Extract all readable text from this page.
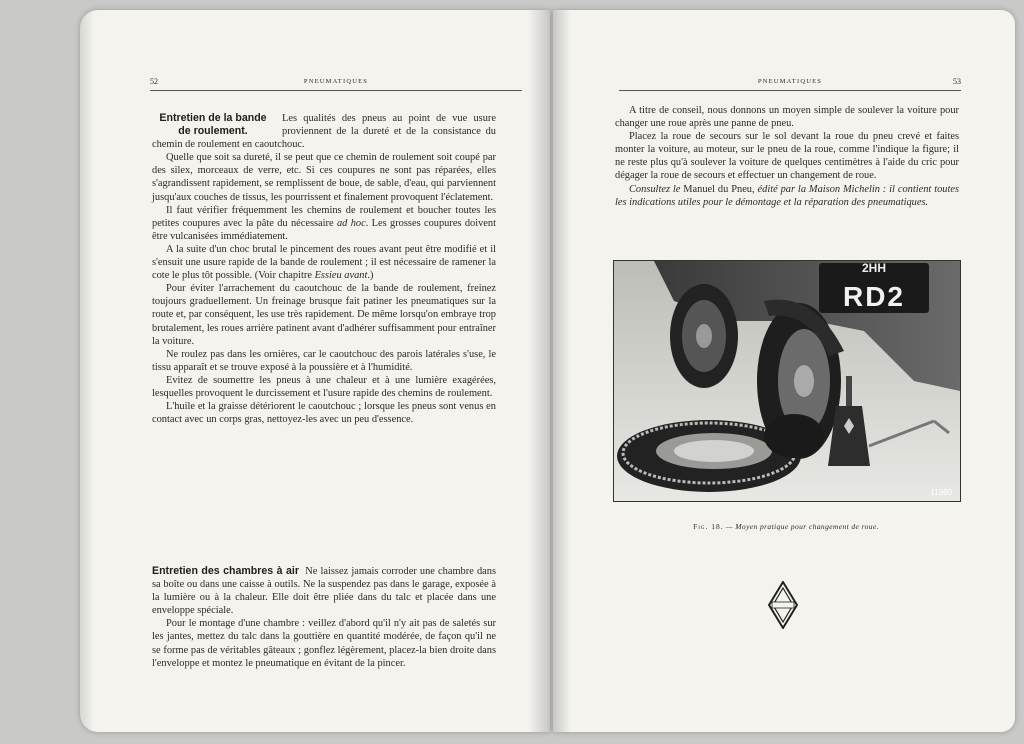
52	PNEUMATIQUES
Entretien de la bande de roulement.

Les qualités des pneus au point de vue usure proviennent de la dureté et de la consistance du chemin de roulement en caoutchouc.

Quelle que soit sa dureté, il se peut que ce chemin de roulement soit coupé par des silex, morceaux de verre, etc. Si ces coupures ne sont pas réparées, elles s'agrandissent rapidement, se remplissent de boue, de sable, d'eau, qui parviennent jusqu'aux couches de tissus, les pourrissent et finalement provoquent l'éclatement.

Il faut vérifier fréquemment les chemins de roulement et boucher toutes les petites coupures avec la pâte du nécessaire ad hoc. Les grosses coupures doivent être vulcanisées immédiatement.

A la suite d'un choc brutal le pincement des roues avant peut être modifié et il s'ensuit une usure rapide de la bande de roulement ; il est nécessaire de ramener la cote le plus tôt possible. (Voir chapitre Essieu avant.)

Pour éviter l'arrachement du caoutchouc de la bande de roulement, freinez toujours graduellement. Un freinage brusque fait patiner les pneumatiques sur la route et, par conséquent, les use très rapidement. De même lorsqu'on embraye trop brutalement, les roues arrière patinent avant d'adhérer suffisamment pour entraîner la voiture.

Ne roulez pas dans les ornières, car le caoutchouc des parois latérales s'use, le tissu apparaît et se trouve exposé à la poussière et à l'humidité.

Evitez de soumettre les pneus à une chaleur et à une lumière exagérées, lesquelles provoquent le durcissement et l'usure rapide des chemins de roulement.

L'huile et la graisse détériorent le caoutchouc ; lorsque les pneus sont venus en contact avec un corps gras, nettoyez-les avec un peu d'essence.

Entretien des chambres à air Ne laissez jamais corroder une chambre dans sa boîte ou dans une caisse à outils. Ne la suspendez pas dans le garage, exposée à la lumière ou à la chaleur. Elle doit être pliée dans du talc et placée dans une enveloppe spéciale.

Pour le montage d'une chambre : veillez d'abord qu'il n'y ait pas de saletés sur les jantes, mettez du talc dans la gouttière en quantité modérée, de façon qu'il ne se forme pas de véritables gâteaux ; gonflez légèrement, placez-la bien droite dans l'enveloppe et montez le pneumatique en évitant de la pincer.

PNEUMATIQUES	53

A titre de conseil, nous donnons un moyen simple de soulever la voiture pour changer une roue après une panne de pneu.

Placez la roue de secours sur le sol devant la roue du pneu crevé et faites monter la voiture, au moteur, sur le pneu de la roue, comme l'indique la figure; il ne reste plus qu'à soulever la voiture de quelques centimètres à l'aide du cric pour dégager la roue de secours et effectuer un changement de roue.

Consultez le Manuel du Pneu, édité par la Maison Michelin : il contient toutes les indications utiles pour le démontage et la réparation des pneumatiques.

2HH
RD2
11960
Fig. 18. — Moyen pratique pour changement de roue.
